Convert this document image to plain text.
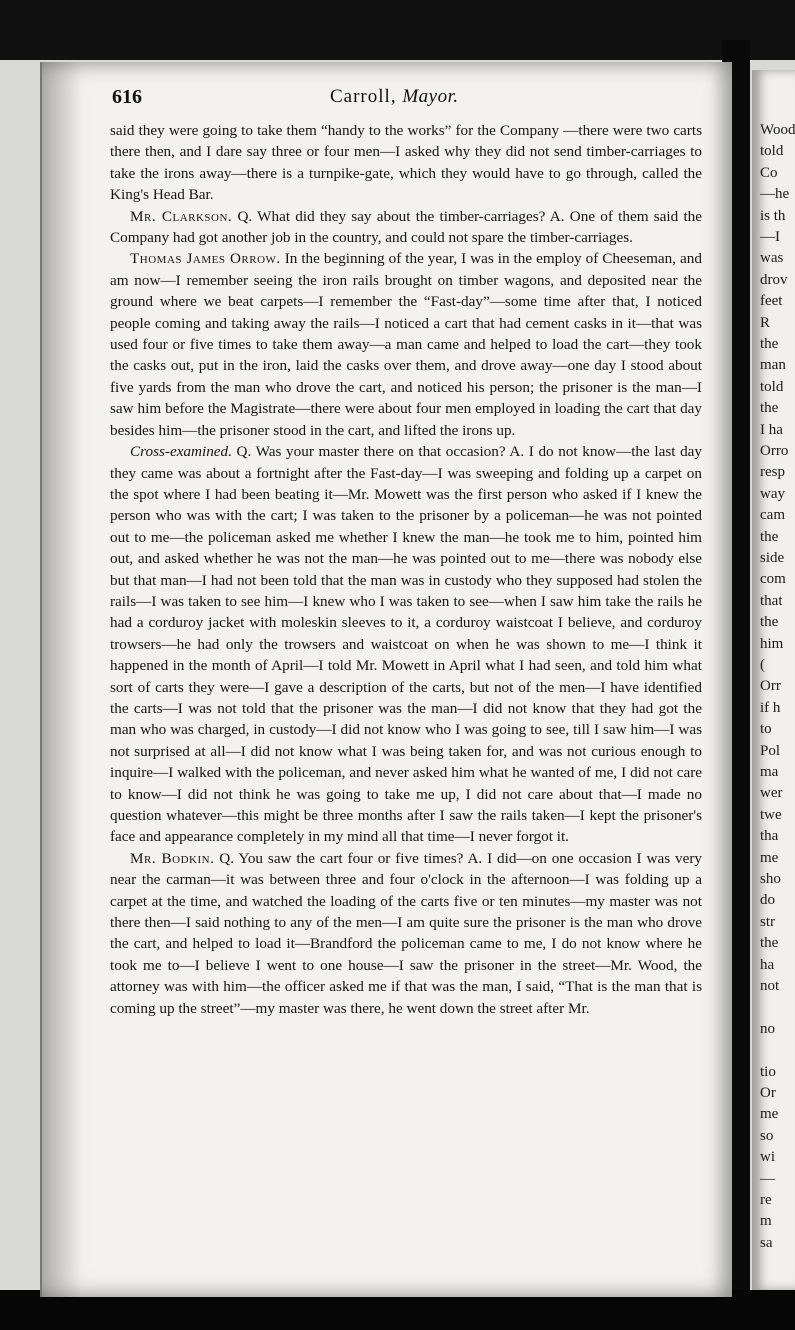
616	Carroll, Mayor.

said they were going to take them “handy to the works” for the Company —there were two carts there then, and I dare say three or four men—I asked why they did not send timber-carriages to take the irons away—there is a turnpike-gate, which they would have to go through, called the King's Head Bar.

Mr. Clarkson. Q. What did they say about the timber-carriages? A. One of them said the Company had got another job in the country, and could not spare the timber-carriages.

Thomas James Orrow. In the beginning of the year, I was in the employ of Cheeseman, and am now—I remember seeing the iron rails brought on timber wagons, and deposited near the ground where we beat carpets—I remember the “Fast-day”—some time after that, I noticed people coming and taking away the rails—I noticed a cart that had cement casks in it—that was used four or five times to take them away—a man came and helped to load the cart—they took the casks out, put in the iron, laid the casks over them, and drove away—one day I stood about five yards from the man who drove the cart, and noticed his person; the prisoner is the man—I saw him before the Magistrate—there were about four men employed in loading the cart that day besides him—the prisoner stood in the cart, and lifted the irons up.

Cross-examined. Q. Was your master there on that occasion? A. I do not know—the last day they came was about a fortnight after the Fast-day—I was sweeping and folding up a carpet on the spot where I had been beating it—Mr. Mowett was the first person who asked if I knew the person who was with the cart; I was taken to the prisoner by a policeman—he was not pointed out to me—the policeman asked me whether I knew the man—he took me to him, pointed him out, and asked whether he was not the man—he was pointed out to me—there was nobody else but that man—I had not been told that the man was in custody who they supposed had stolen the rails—I was taken to see him—I knew who I was taken to see—when I saw him take the rails he had a corduroy jacket with moleskin sleeves to it, a corduroy waistcoat I believe, and corduroy trowsers—he had only the trowsers and waistcoat on when he was shown to me—I think it happened in the month of April—I told Mr. Mowett in April what I had seen, and told him what sort of carts they were—I gave a description of the carts, but not of the men—I have identified the carts—I was not told that the prisoner was the man—I did not know that they had got the man who was charged, in custody—I did not know who I was going to see, till I saw him—I was not surprised at all—I did not know what I was being taken for, and was not curious enough to inquire—I walked with the policeman, and never asked him what he wanted of me, I did not care to know—I did not think he was going to take me up, I did not care about that—I made no question whatever—this might be three months after I saw the rails taken—I kept the prisoner's face and appearance completely in my mind all that time—I never forgot it.

Mr. Bodkin. Q. You saw the cart four or five times? A. I did—on one occasion I was very near the carman—it was between three and four o'clock in the afternoon—I was folding up a carpet at the time, and watched the loading of the carts five or ten minutes—my master was not there then—I said nothing to any of the men—I am quite sure the prisoner is the man who drove the cart, and helped to load it—Brandford the policeman came to me, I do not know where he took me to—I believe I went to one house—I saw the prisoner in the street—Mr. Wood, the attorney was with him—the officer asked me if that was the man, I said, “That is the man that is coming up the street”—my master was there, he went down the street after Mr.

Wood
told
Co
—he
is th
—I
was
drov
feet
R
the
man
told
the
I ha
Orro
resp
way
cam
the
side
com
that
the
him
(
Orr
if h
to
Pol
ma
wer
twe
tha
me
sho
do
str
the
ha
not
no
tio
Or
me
so
wi
—
re
m
sa
